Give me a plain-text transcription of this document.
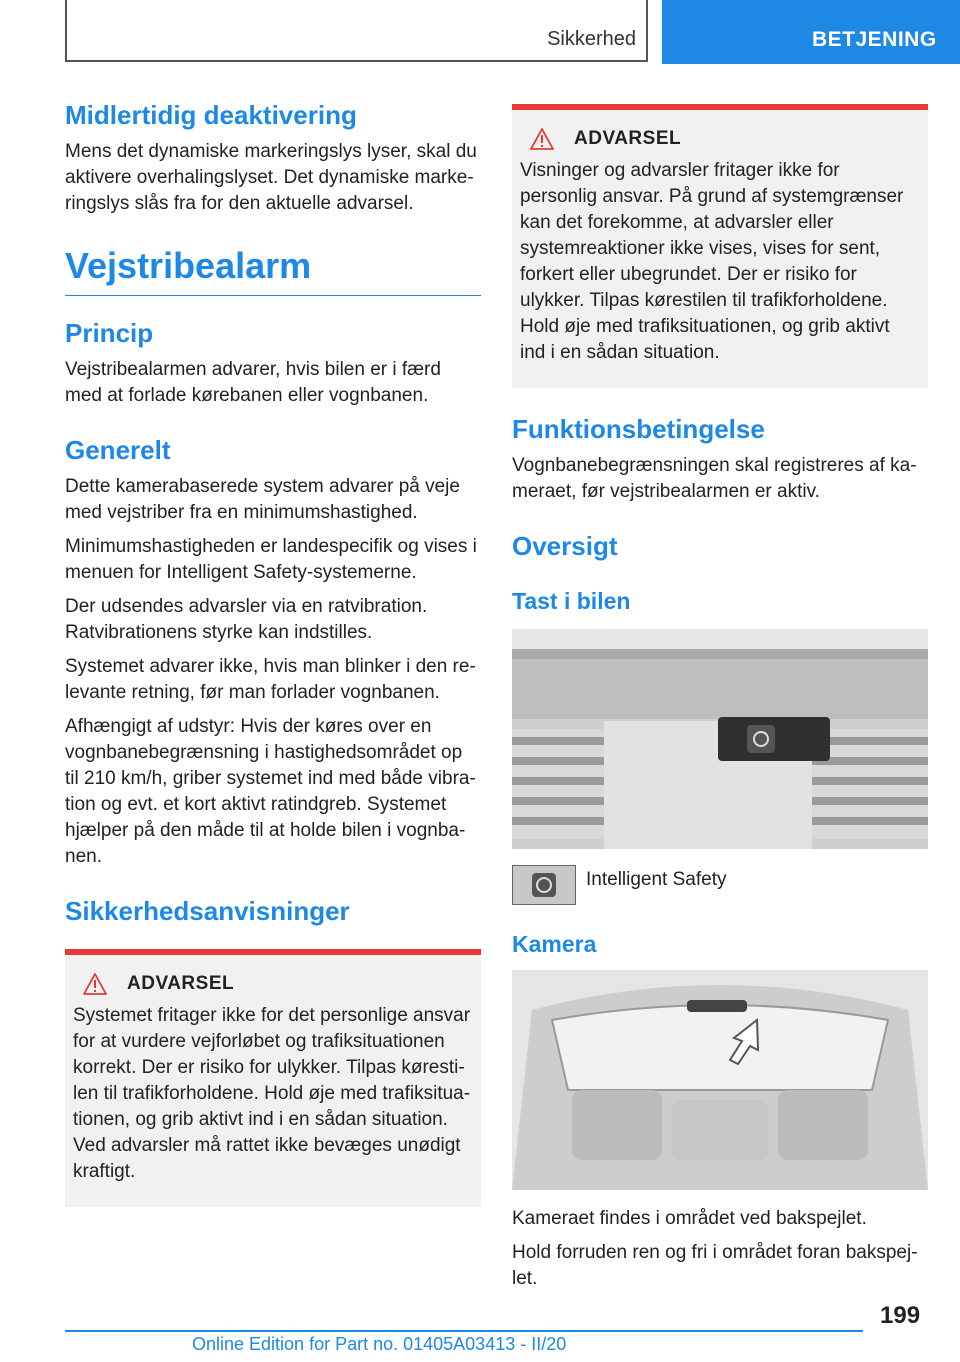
Sikkerhed	BETJENING
Midlertidig deaktivering

Mens det dynamiske markeringslys lyser, skal du aktivere overhalingslyset. Det dynamiske markeringslys slås fra for den aktuelle advarsel.

Vejstribealarm
Princip

Vejstribealarmen advarer, hvis bilen er i færd med at forlade kørebanen eller vognbanen.

Generelt

Dette kamerabaserede system advarer på veje med vejstriber fra en minimumshastighed.

Minimumshastigheden er landespecifik og vises i menuen for Intelligent Safety-systemerne.

Der udsendes advarsler via en ratvibration. Ratvibrationens styrke kan indstilles.

Systemet advarer ikke, hvis man blinker i den relevante retning, før man forlader vognbanen.

Afhængigt af udstyr: Hvis der køres over en vognbanebegrænsning i hastighedsområdet op til 210 km/h, griber systemet ind med både vibration og evt. et kort aktivt ratindgreb. Systemet hjælper på den måde til at holde bilen i vognbanen.

Sikkerhedsanvisninger
ADVARSEL

Systemet fritager ikke for det personlige ansvar for at vurdere vejforløbet og trafiksituationen korrekt. Der er risiko for ulykker. Tilpas kørestilen til trafikforholdene. Hold øje med trafiksituationen, og grib aktivt ind i en sådan situation. Ved advarsler må rattet ikke bevæges unødigt kraftigt.

ADVARSEL

Visninger og advarsler fritager ikke for personlig ansvar. På grund af systemgrænser kan det forekomme, at advarsler eller systemreaktioner ikke vises, vises for sent, forkert eller ubegrundet. Der er risiko for ulykker. Tilpas kørestilen til trafikforholdene. Hold øje med trafiksituationen, og grib aktivt ind i en sådan situation.

Funktionsbetingelse

Vognbanebegrænsningen skal registreres af kameraet, før vejstribealarmen er aktiv.

Oversigt
Tast i bilen

Intelligent Safety

Kamera

Kameraet findes i området ved bakspejlet.

Hold forruden ren og fri i området foran bakspejlet.

199
Online Edition for Part no. 01405A03413 - II/20
